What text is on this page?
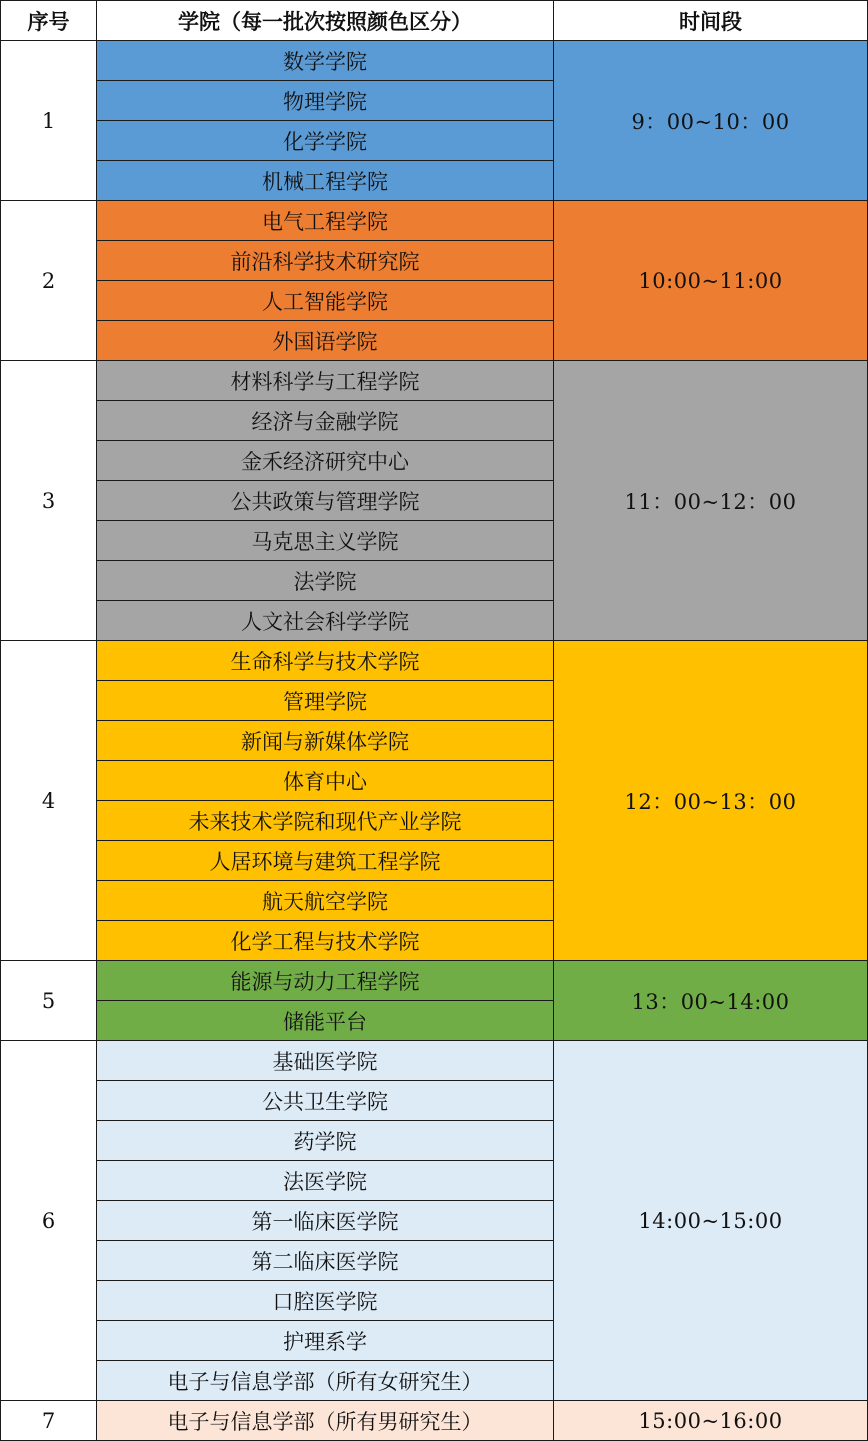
序号	学院（每一批次按照颜色区分）	时间段
1	数学学院	9：00~10：00
	物理学院	
	化学学院	
	机械工程学院	
2	电气工程学院	10:00~11:00
	前沿科学技术研究院	
	人工智能学院	
	外国语学院	
3	材料科学与工程学院	11：00~12：00
	经济与金融学院	
	金禾经济研究中心	
	公共政策与管理学院	
	马克思主义学院	
	法学院	
	人文社会科学学院	
4	生命科学与技术学院	12：00~13：00
	管理学院	
	新闻与新媒体学院	
	体育中心	
	未来技术学院和现代产业学院	
	人居环境与建筑工程学院	
	航天航空学院	
	化学工程与技术学院	
5	能源与动力工程学院	13：00~14:00
	储能平台	
6	基础医学院	14:00~15:00
	公共卫生学院	
	药学院	
	法医学院	
	第一临床医学院	
	第二临床医学院	
	口腔医学院	
	护理系学	
	电子与信息学部（所有女研究生）	
7	电子与信息学部（所有男研究生）	15:00~16:00
